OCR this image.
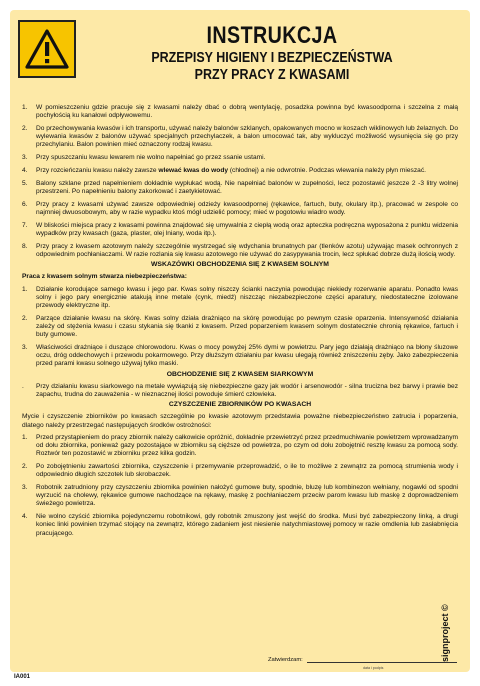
INSTRUKCJA
PRZEPISY HIGIENY I BEZPIECZEŃSTWA
PRZY PRACY Z KWASAMI
1.	W pomieszczeniu gdzie pracuje się z kwasami należy dbać o dobrą wentylację, posadzka powinna być kwasoodporna i szczelna z małą pochyłością ku kanałowi odpływowemu.
2.	Do przechowywania kwasów i ich transportu, używać należy balonów szklanych, opakowanych mocno w koszach wiklinowych lub żelaznych. Do wylewania kwasów z balonów używać specjalnych przechylaczek, a balon umocować tak, aby wykluczyć możliwość wysunięcia się go przy przechylaniu. Balon powinien mieć oznaczony rodzaj kwasu.
3.	Przy spuszczaniu kwasu lewarem nie wolno napełniać go przez ssanie ustami.
4.	Przy rozcieńczaniu kwasu należy zawsze wlewać kwas do wody (chłodnej) a nie odwrotnie. Podczas wlewania należy płyn mieszać.
5.	Balony szklane przed napełnieniem dokładnie wypłukać wodą. Nie napełniać balonów w zupełności, lecz pozostawić jeszcze 2 -3 litry wolnej przestrzeni. Po napełnieniu balony zakorkować i zaetykietować.
6.	Przy pracy z kwasami używać zawsze odpowiedniej odzieży kwasoodpornej (rękawice, fartuch, buty, okulary itp.), pracować w zespole co najmniej dwuosobowym, aby w razie wypadku ktoś mógł udzielić pomocy; mieć w pogotowiu wiadro wody.
7.	W bliskości miejsca pracy z kwasami powinna znajdować się umywalnia z ciepłą wodą oraz apteczka podręczna wyposażona z punktu widzenia wypadków przy kwasach (gaza, plaster, olej lniany, woda itp.).
8.	Przy pracy z kwasem azotowym należy szczególnie wystrzegać się wdychania brunatnych par (tlenków azotu) używając masek ochronnych z odpowiednim pochłaniaczami. W razie rozlania się kwasu azotowego nie używać do zasypywania trocin, lecz spłukać dobrze dużą ilością wody.
WSKAZÓWKI OBCHODZENIA SIĘ Z KWASEM SOLNYM
Praca z kwasem solnym stwarza niebezpieczeństwa:
1.	Działanie korodujące samego kwasu i jego par. Kwas solny niszczy ścianki naczynia powodując niekiedy rozerwanie aparatu. Ponadto kwas solny i jego pary energicznie atakują inne metale (cynk, miedź) niszcząc niezabezpieczone części aparatury, niedostateczne izolowane przewody elektryczne itp.
2.	Parzące działanie kwasu na skórę. Kwas solny działa drażniąco na skórę powodując po pewnym czasie oparzenia. Intensywność działania zależy od stężenia kwasu i czasu stykania się tkanki z kwasem. Przed poparzeniem kwasem solnym dostatecznie chronią rękawice, fartuch i buty gumowe.
3.	Właściwości drażniące i duszące chlorowodoru. Kwas o mocy powyżej 25% dymi w powietrzu. Pary jego działają drażniąco na błony śluzowe oczu, dróg oddechowych i przewodu pokarmowego. Przy dłuższym działaniu par kwasu ulegają również zniszczeniu zęby. Jako zabezpieczenia przed parami kwasu solnego używaj tylko maski.
OBCHODZENIE SIĘ Z KWASEM SIARKOWYM
.	Przy działaniu kwasu siarkowego na metale wywiązują się niebezpieczne gazy jak wodór i arsenowodór - silna trucizna bez barwy i prawie bez zapachu, trudna do zauważenia - w nieznacznej ilości powoduje śmierć człowieka.
CZYSZCZENIE ZBIORNIKÓW PO KWASACH
Mycie i czyszczenie zbiorników po kwasach szczególnie po kwasie azotowym przedstawia poważne niebezpieczeństwo zatrucia i poparzenia, dlatego należy przestrzegać następujących środków ostrożności:
1.	Przed przystąpieniem do pracy zbiornik należy całkowicie opróżnić, dokładnie przewietrzyć przez przedmuchiwanie powietrzem wprowadzanym od dołu zbiornika, ponieważ gazy pozostające w zbiorniku są cięższe od powietrza, po czym od dołu zobojętnić resztę kwasu za pomocą sody. Roztwór ten pozostawić w zbiorniku przez kilka godzin.
2.	Po zobojętnieniu zawartości zbiornika, czyszczenie i przemywanie przeprowadzić, o ile to możliwe z zewnątrz za pomocą strumienia wody i odpowiednio długich szczotek lub skrobaczek.
3.	Robotnik zatrudniony przy czyszczeniu zbiornika powinien nałożyć gumowe buty, spodnie, bluzę lub kombinezon wełniany, nogawki od spodni wyrzucić na cholewy, rękawice gumowe nachodzące na rękawy, maskę z pochłaniaczem przeciw parom kwasu lub maskę z doprowadzeniem świeżego powietrza.
4.	Nie wolno czyścić zbiornika pojedynczemu robotnikowi, gdy robotnik zmuszony jest wejść do środka. Musi być zabezpieczony linką, a drugi koniec linki powinien trzymać stojący na zewnątrz, którego zadaniem jest niesienie natychmiastowej pomocy w razie omdlenia lub zasłabnięcia pracującego.
Zatwierdzam:
data i podpis
signproject ©
IA001
